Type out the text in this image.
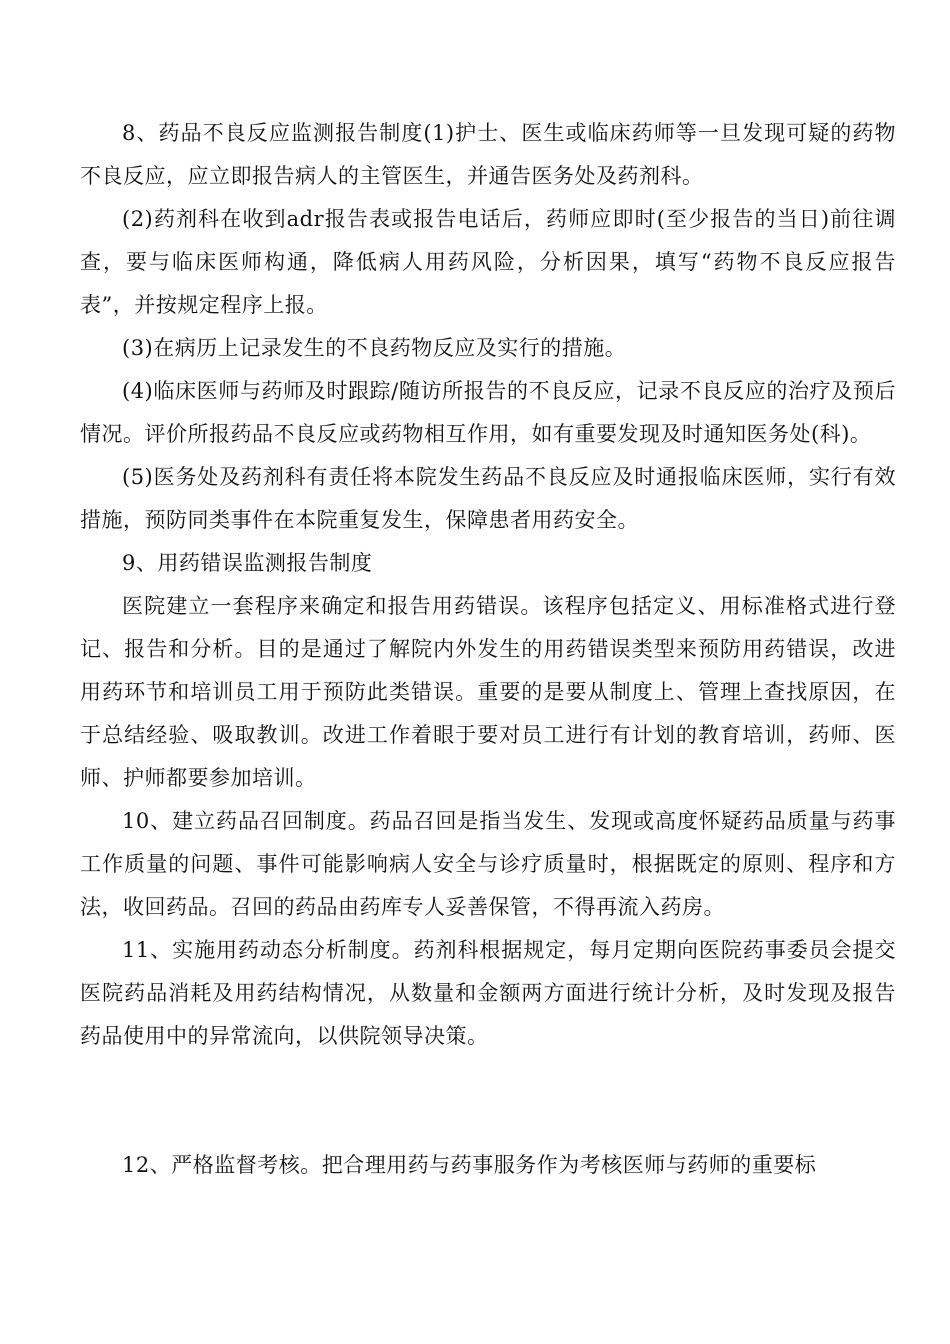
8、药品不良反应监测报告制度(1)护士、医生或临床药师等一旦发现可疑的药物不良反应，应立即报告病人的主管医生，并通告医务处及药剂科。

(2)药剂科在收到adr报告表或报告电话后，药师应即时(至少报告的当日)前往调查，要与临床医师构通，降低病人用药风险，分析因果，填写“药物不良反应报告表”，并按规定程序上报。

(3)在病历上记录发生的不良药物反应及实行的措施。

(4)临床医师与药师及时跟踪/随访所报告的不良反应，记录不良反应的治疗及预后情况。评价所报药品不良反应或药物相互作用，如有重要发现及时通知医务处(科)。

(5)医务处及药剂科有责任将本院发生药品不良反应及时通报临床医师，实行有效措施，预防同类事件在本院重复发生，保障患者用药安全。

9、用药错误监测报告制度

医院建立一套程序来确定和报告用药错误。该程序包括定义、用标准格式进行登记、报告和分析。目的是通过了解院内外发生的用药错误类型来预防用药错误，改进用药环节和培训员工用于预防此类错误。重要的是要从制度上、管理上查找原因，在于总结经验、吸取教训。改进工作着眼于要对员工进行有计划的教育培训，药师、医师、护师都要参加培训。

10、建立药品召回制度。药品召回是指当发生、发现或高度怀疑药品质量与药事工作质量的问题、事件可能影响病人安全与诊疗质量时，根据既定的原则、程序和方法，收回药品。召回的药品由药库专人妥善保管，不得再流入药房。

11、实施用药动态分析制度。药剂科根据规定，每月定期向医院药事委员会提交医院药品消耗及用药结构情况，从数量和金额两方面进行统计分析，及时发现及报告药品使用中的异常流向，以供院领导决策。

12、严格监督考核。把合理用药与药事服务作为考核医师与药师的重要标
